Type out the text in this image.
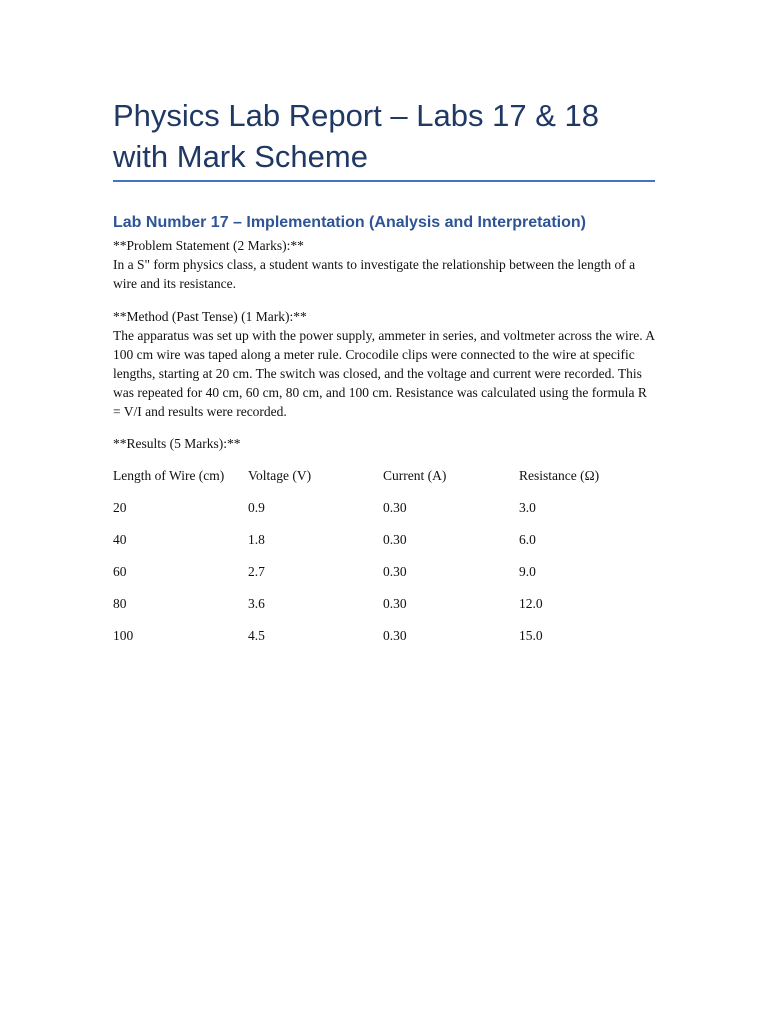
Physics Lab Report – Labs 17 & 18 with Mark Scheme
Lab Number 17 – Implementation (Analysis and Interpretation)

**Problem Statement (2 Marks):**

In a S" form physics class, a student wants to investigate the relationship between the length of a wire and its resistance.

**Method (Past Tense) (1 Mark):**

The apparatus was set up with the power supply, ammeter in series, and voltmeter across the wire. A 100 cm wire was taped along a meter rule. Crocodile clips were connected to the wire at specific lengths, starting at 20 cm. The switch was closed, and the voltage and current were recorded. This was repeated for 40 cm, 60 cm, 80 cm, and 100 cm. Resistance was calculated using the formula R = V/I and results were recorded.

**Results (5 Marks):**

Length of Wire (cm)	Voltage (V)	Current (A)	Resistance (Ω)
20	0.9	0.30	3.0
40	1.8	0.30	6.0
60	2.7	0.30	9.0
80	3.6	0.30	12.0
100	4.5	0.30	15.0
